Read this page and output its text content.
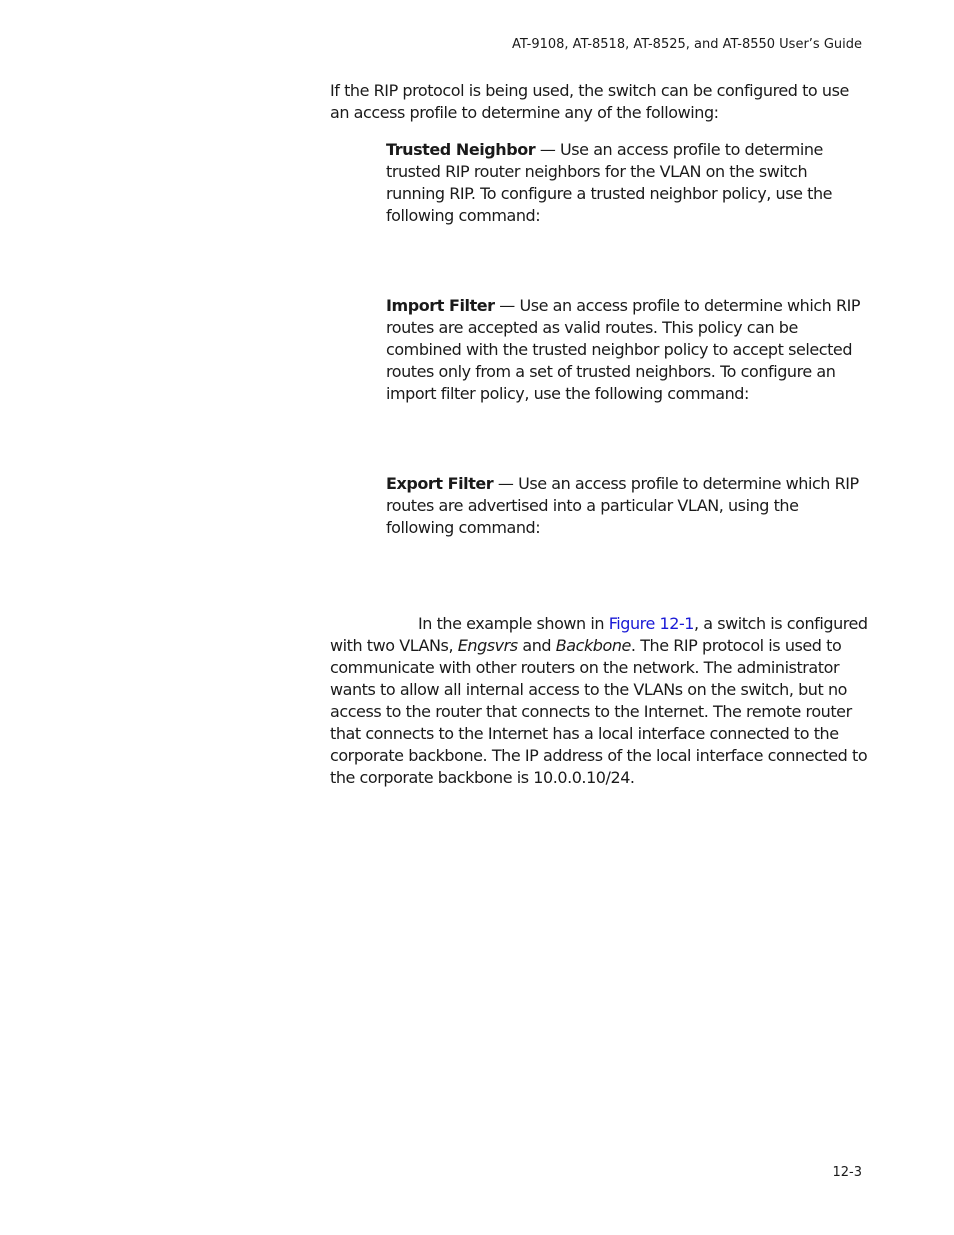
AT-9108, AT-8518, AT-8525, and AT-8550 User’s Guide

If the RIP protocol is being used, the switch can be configured to use an access profile to determine any of the following:

Trusted Neighbor — Use an access profile to determine trusted RIP router neighbors for the VLAN on the switch running RIP. To configure a trusted neighbor policy, use the following command:

Import Filter — Use an access profile to determine which RIP routes are accepted as valid routes. This policy can be combined with the trusted neighbor policy to accept selected routes only from a set of trusted neighbors. To configure an import filter policy, use the following command:

Export Filter — Use an access profile to determine which RIP routes are advertised into a particular VLAN, using the following command:

In the example shown in Figure 12-1, a switch is configured with two VLANs, Engsvrs and Backbone. The RIP protocol is used to communicate with other routers on the network. The administrator wants to allow all internal access to the VLANs on the switch, but no access to the router that connects to the Internet. The remote router that connects to the Internet has a local interface connected to the corporate backbone. The IP address of the local interface connected to the corporate backbone is 10.0.0.10/24.

12-3
